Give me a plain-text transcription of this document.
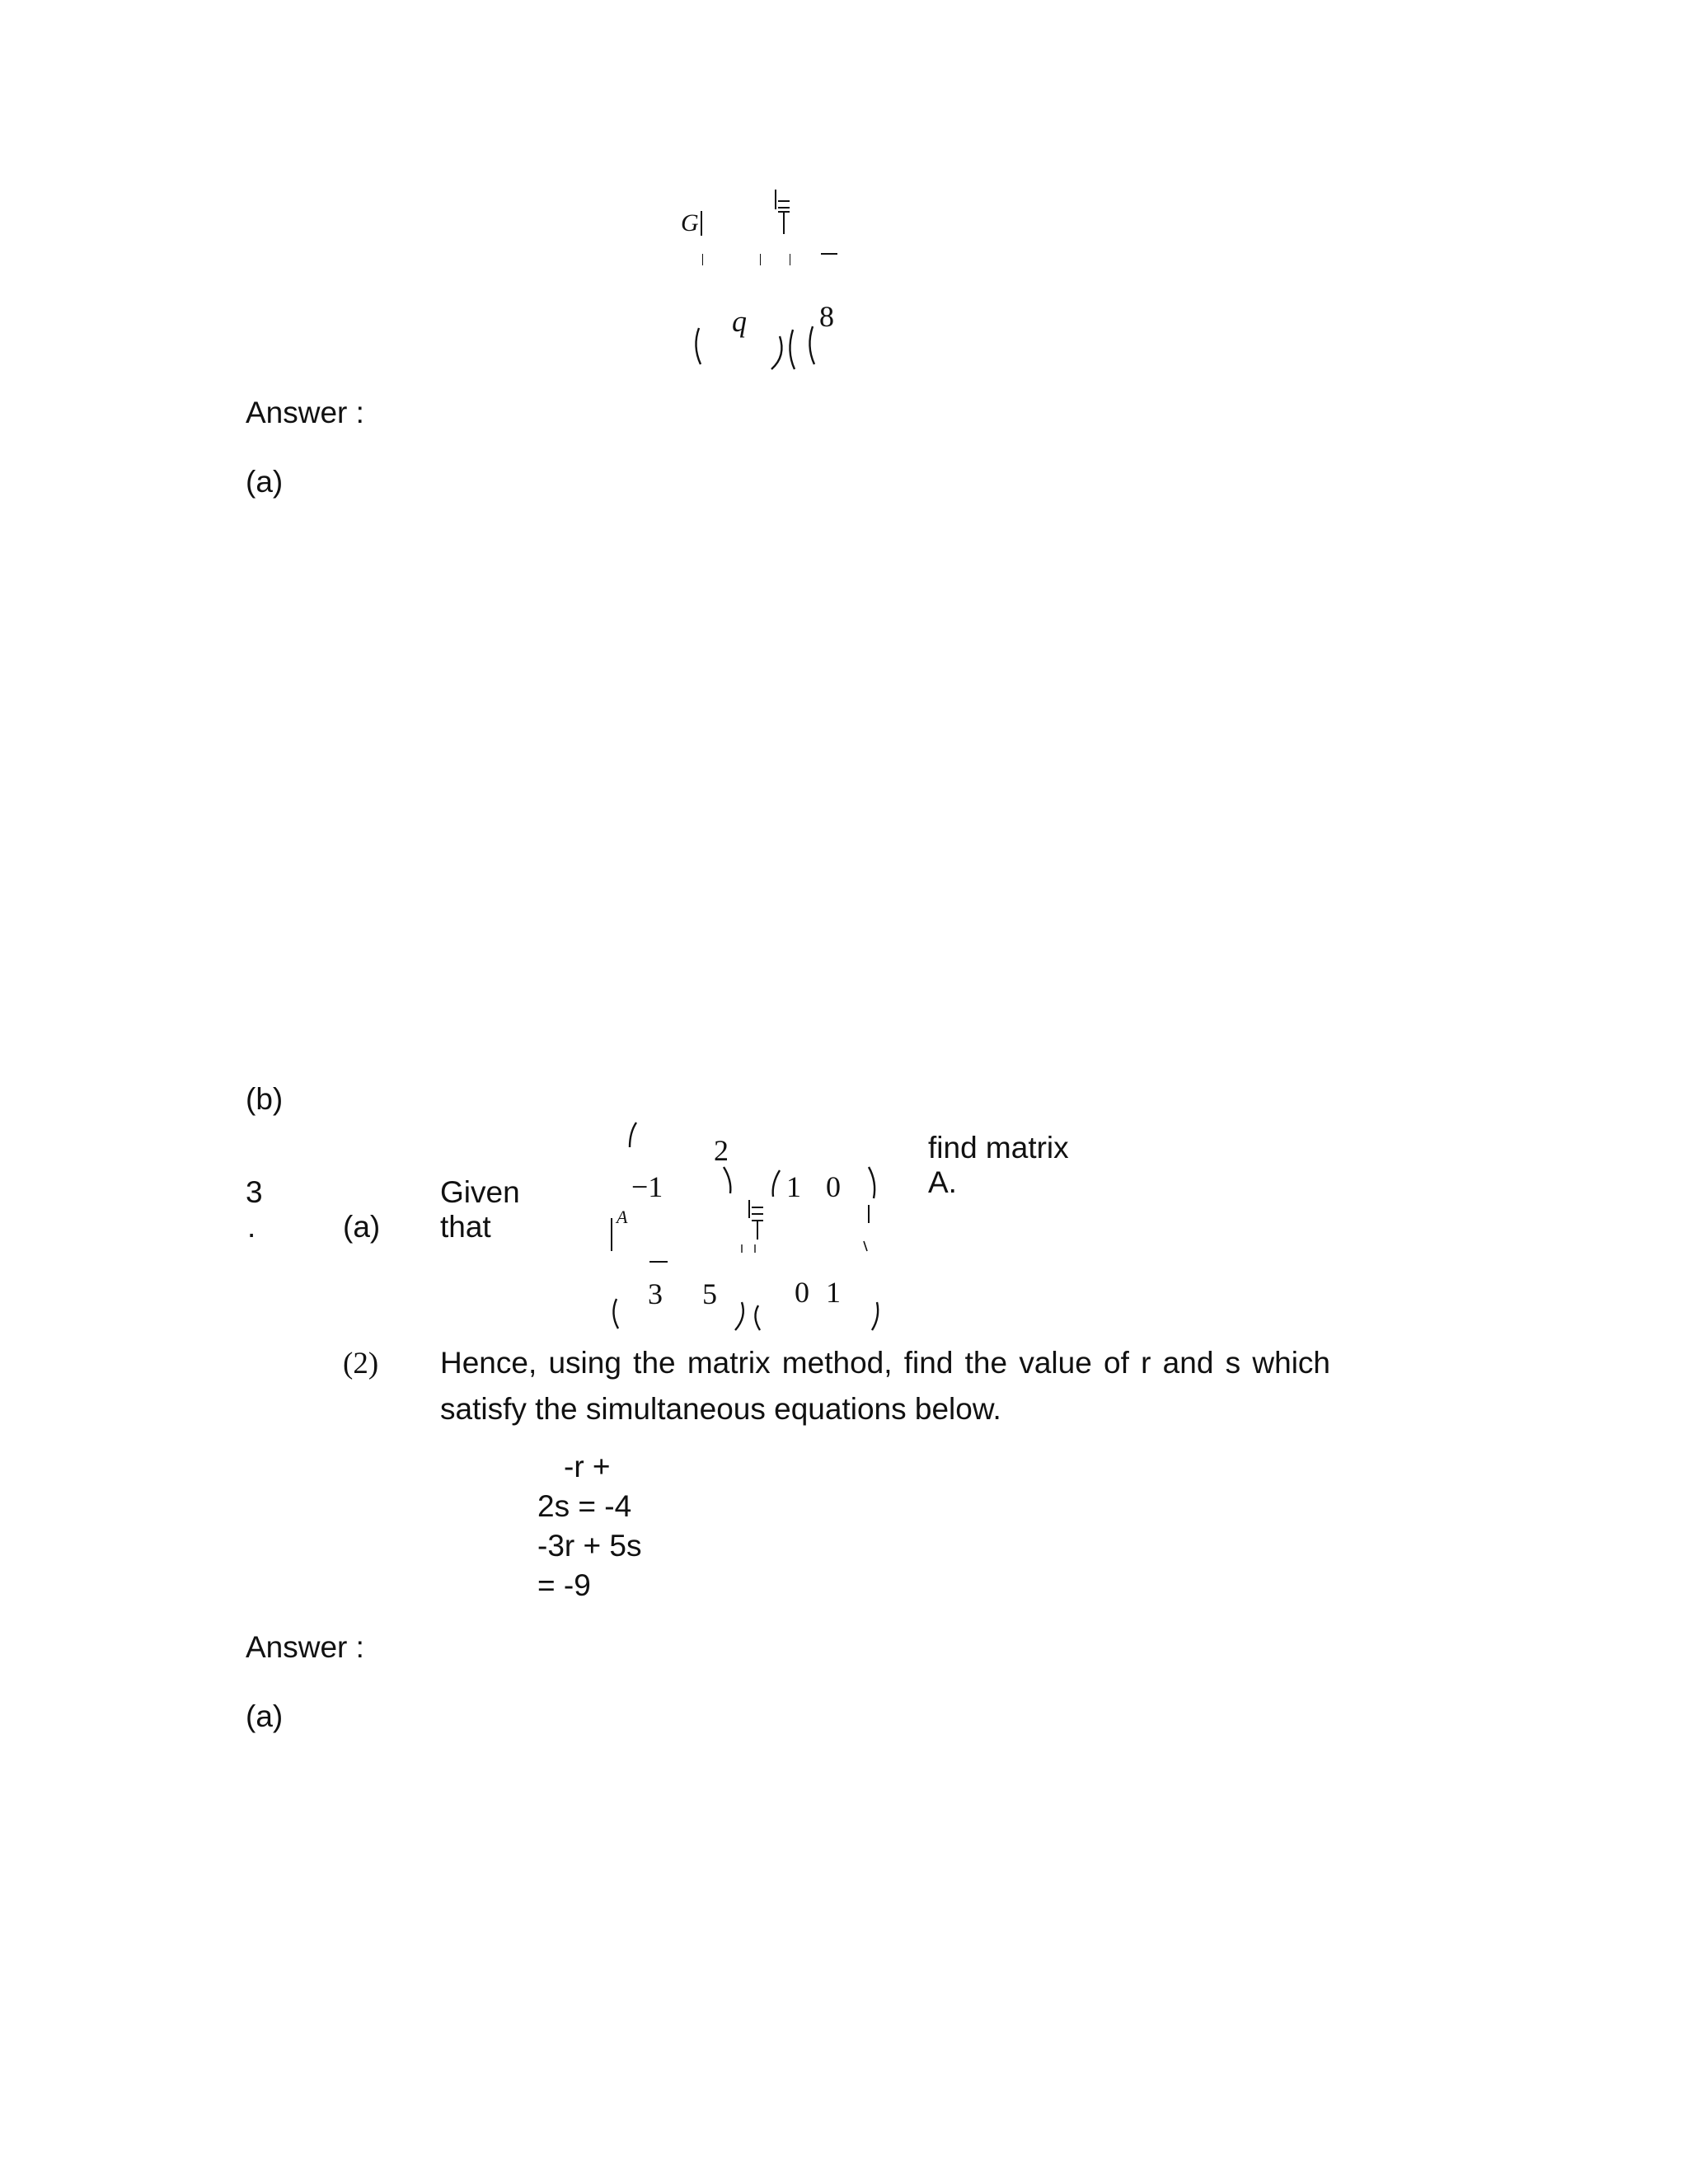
G
q 8
Answer :
(a)
(b)
3
.	(a)
Given
that
2
−1
A
3 5
1 0
0 1
find matrix
A.
(2) Hence, using the matrix method, find the value of r and s which satisfy the simultaneous equations below.
-r +
2s = -4
-3r + 5s
= -9
Answer :
(a)
